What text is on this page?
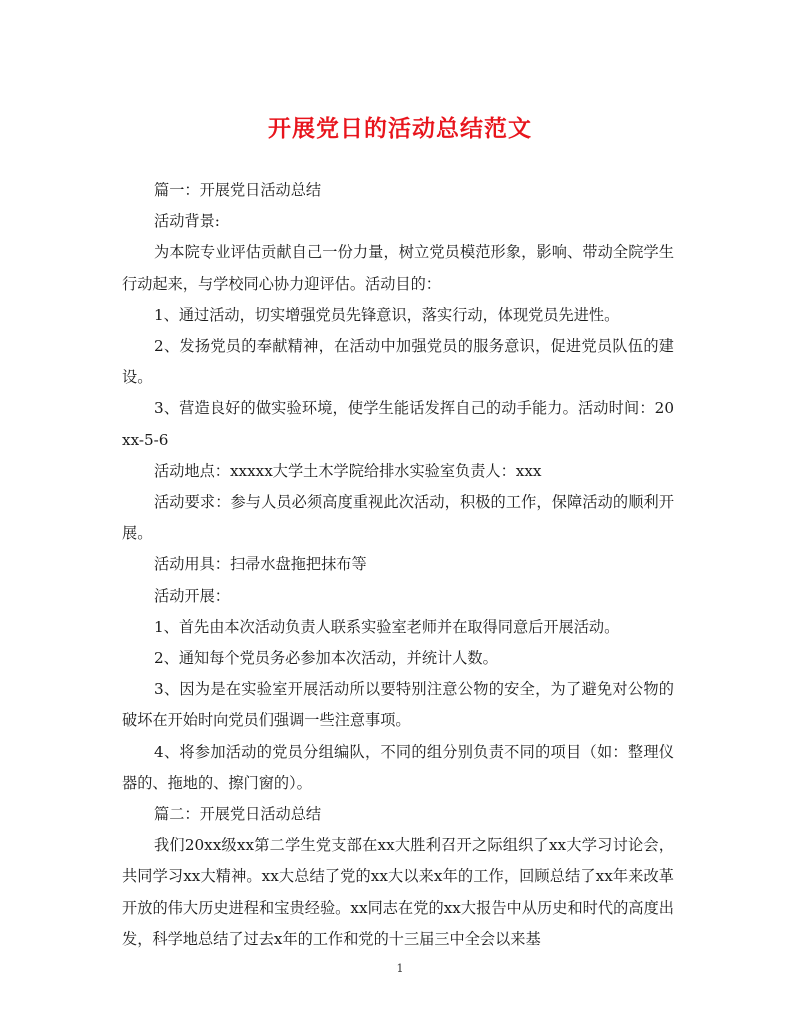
开展党日的活动总结范文

篇一：开展党日活动总结

活动背景:

为本院专业评估贡献自己一份力量，树立党员模范形象，影响、带动全院学生行动起来，与学校同心协力迎评估。活动目的：

1、通过活动，切实增强党员先锋意识，落实行动，体现党员先进性。

2、发扬党员的奉献精神，在活动中加强党员的服务意识，促进党员队伍的建设。

3、营造良好的做实验环境，使学生能话发挥自己的动手能力。活动时间：20xx-5-6

活动地点：xxxxx大学土木学院给排水实验室负责人：xxx

活动要求：参与人员必须高度重视此次活动，积极的工作，保障活动的顺利开展。

活动用具：扫帚水盘拖把抹布等

活动开展：

1、首先由本次活动负责人联系实验室老师并在取得同意后开展活动。

2、通知每个党员务必参加本次活动，并统计人数。

3、因为是在实验室开展活动所以要特别注意公物的安全，为了避免对公物的破坏在开始时向党员们强调一些注意事项。

4、将参加活动的党员分组编队，不同的组分别负责不同的项目（如：整理仪器的、拖地的、擦门窗的）。

篇二：开展党日活动总结

我们20xx级xx第二学生党支部在xx大胜利召开之际组织了xx大学习讨论会，共同学习xx大精神。xx大总结了党的xx大以来x年的工作，回顾总结了xx年来改革开放的伟大历史进程和宝贵经验。xx同志在党的xx大报告中从历史和时代的高度出发，科学地总结了过去x年的工作和党的十三届三中全会以来基

1
